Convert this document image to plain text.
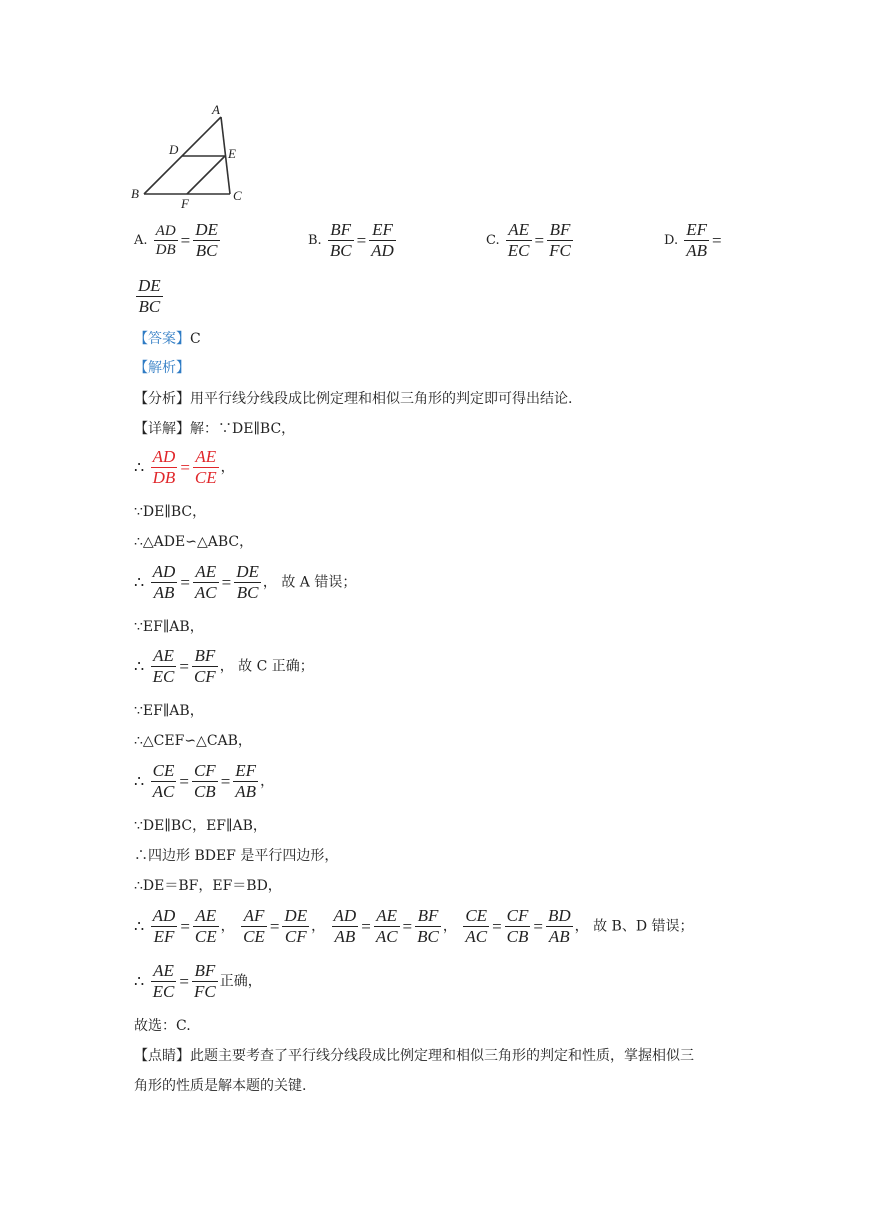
A
B	C
D	E
F
A. $\frac{AD}{DB} = \frac{DE}{BC}$	B. $\frac{BF}{BC} = \frac{EF}{AD}$	C. $\frac{AE}{EC} = \frac{BF}{FC}$	D. $\frac{EF}{AB}$ =
$\frac{DE}{BC}$
【答案】C
【解析】
【分析】用平行线分线段成比例定理和相似三角形的判定即可得出结论.
【详解】解：∵DE∥BC，
∴ $\frac{AD}{DB} = \frac{AE}{CE}$ ，
∵DE∥BC，
∴△ADE∽△ABC，
∴ $\frac{AD}{AB} = \frac{AE}{AC} = \frac{DE}{BC}$ ， 故 A 错误；
∵EF∥AB，
∴ $\frac{AE}{EC} = \frac{BF}{CF}$ ， 故 C 正确；
∵EF∥AB，
∴△CEF∽△CAB，
∴ $\frac{CE}{AC} = \frac{CF}{CB} = \frac{EF}{AB}$ ，
∵DE∥BC，EF∥AB，
∴四边形 BDEF 是平行四边形，
∴DE＝BF，EF＝BD，
∴ $\frac{AD}{EF} = \frac{AE}{CE}$ ， $\frac{AF}{CE} = \frac{DE}{CF}$ ， $\frac{AD}{AB} = \frac{AE}{AC} = \frac{BF}{BC}$ ， $\frac{CE}{AC} = \frac{CF}{CB} = \frac{BD}{AB}$ ， 故 B、D 错误；
∴ $\frac{AE}{EC} = \frac{BF}{FC}$ 正确，
故选：C.
【点睛】此题主要考查了平行线分线段成比例定理和相似三角形的判定和性质，掌握相似三
角形的性质是解本题的关键.
